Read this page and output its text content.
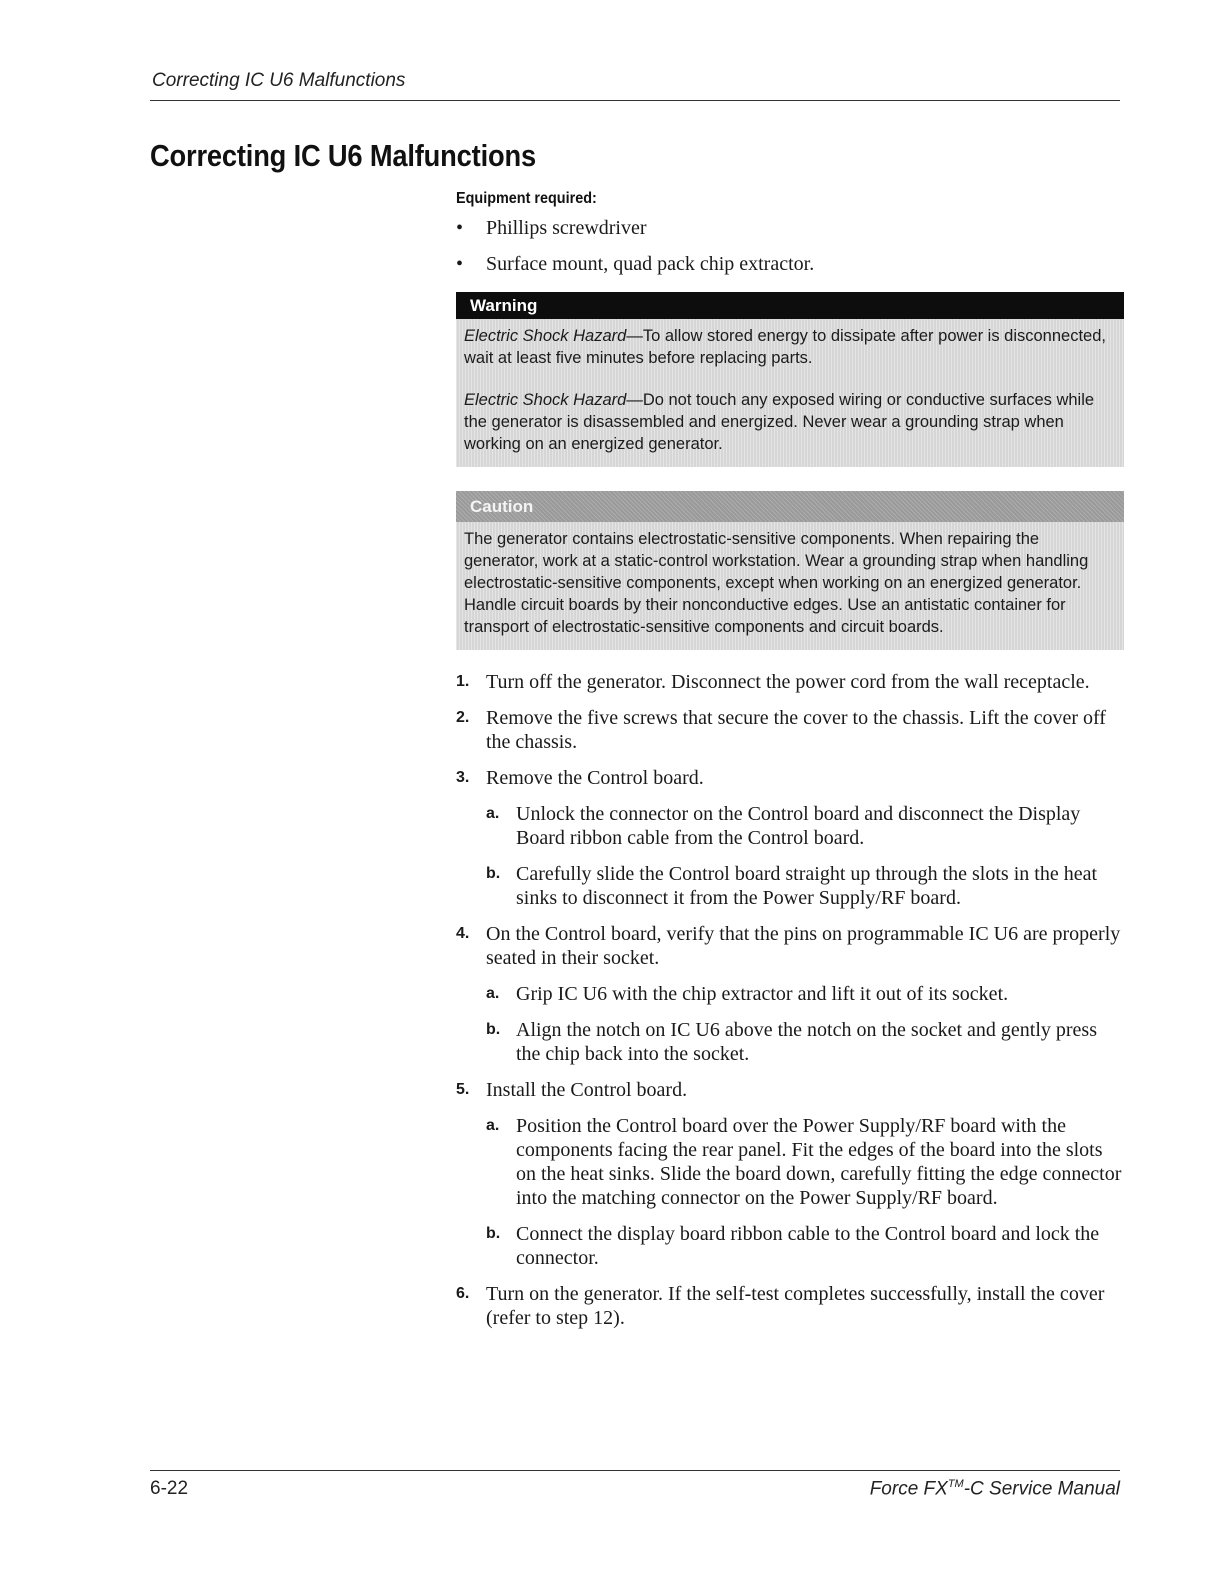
Correcting IC U6 Malfunctions
Correcting IC U6 Malfunctions
Equipment required:
• Phillips screwdriver
• Surface mount, quad pack chip extractor.
Warning

Electric Shock Hazard—To allow stored energy to dissipate after power is disconnected, wait at least five minutes before replacing parts.

Electric Shock Hazard—Do not touch any exposed wiring or conductive surfaces while the generator is disassembled and energized. Never wear a grounding strap when working on an energized generator.

Caution

The generator contains electrostatic-sensitive components. When repairing the generator, work at a static-control workstation. Wear a grounding strap when handling electrostatic-sensitive components, except when working on an energized generator. Handle circuit boards by their nonconductive edges. Use an antistatic container for transport of electrostatic-sensitive components and circuit boards.

1. Turn off the generator. Disconnect the power cord from the wall receptacle.
2. Remove the five screws that secure the cover to the chassis. Lift the cover off the chassis.
3. Remove the Control board.
a. Unlock the connector on the Control board and disconnect the Display Board ribbon cable from the Control board.
b. Carefully slide the Control board straight up through the slots in the heat sinks to disconnect it from the Power Supply/RF board.
4. On the Control board, verify that the pins on programmable IC U6 are properly seated in their socket.
a. Grip IC U6 with the chip extractor and lift it out of its socket.
b. Align the notch on IC U6 above the notch on the socket and gently press the chip back into the socket.
5. Install the Control board.
a. Position the Control board over the Power Supply/RF board with the components facing the rear panel. Fit the edges of the board into the slots on the heat sinks. Slide the board down, carefully fitting the edge connector into the matching connector on the Power Supply/RF board.
b. Connect the display board ribbon cable to the Control board and lock the connector.
6. Turn on the generator. If the self-test completes successfully, install the cover (refer to step 12).
6-22	Force FX™-C Service Manual
